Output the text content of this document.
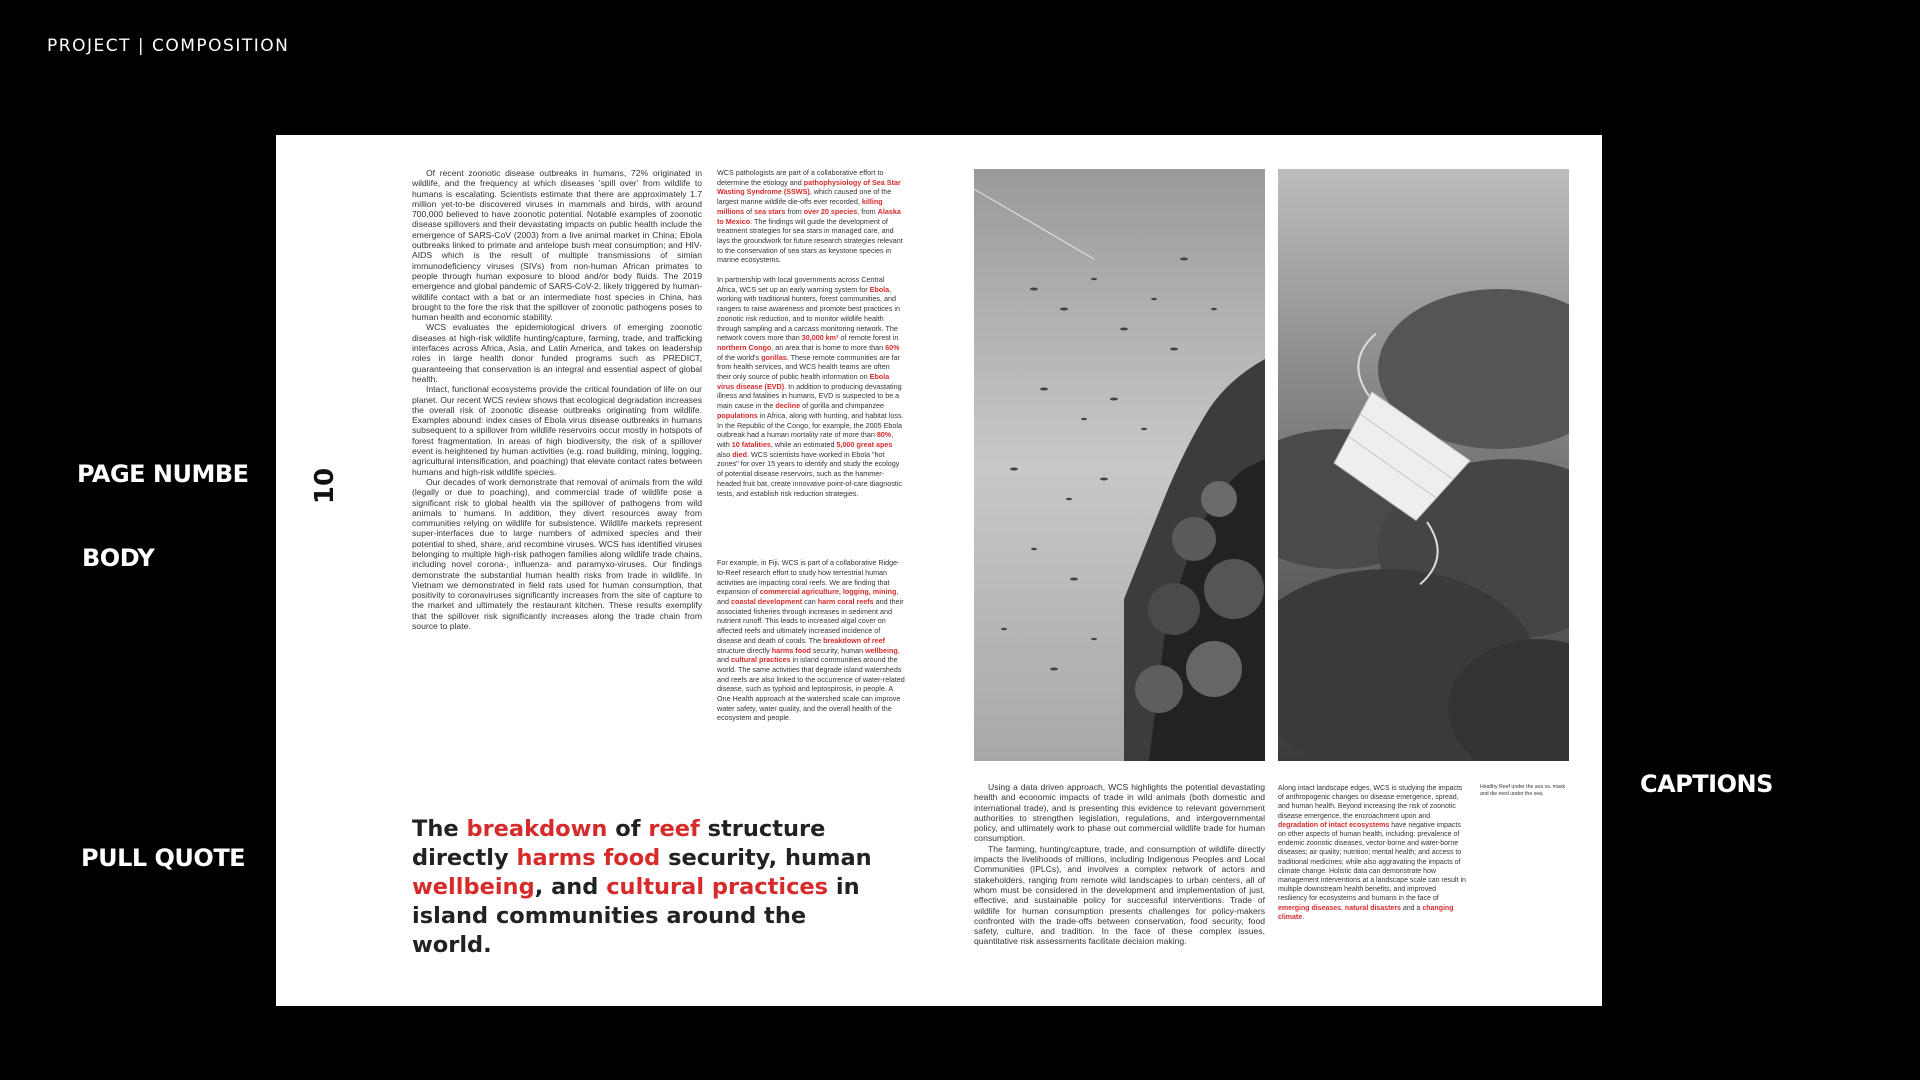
PROJECT | COMPOSITION
PAGE NUMBE
BODY
PULL QUOTE
CAPTIONS
10

Of recent zoonotic disease outbreaks in humans, 72% originated in wildlife, and the frequency at which diseases 'spill over' from wildlife to humans is escalating. Scientists estimate that there are approximately 1.7 million yet-to-be discovered viruses in mammals and birds, with around 700,000 believed to have zoonotic potential. Notable examples of zoonotic disease spillovers and their devastating impacts on public health include the emergence of SARS-CoV (2003) from a live animal market in China; Ebola outbreaks linked to primate and antelope bush meat consumption; and HIV-AIDS which is the result of multiple transmissions of simian immunodeficiency viruses (SIVs) from non-human African primates to people through human exposure to blood and/or body fluids. The 2019 emergence and global pandemic of SARS-CoV-2, likely triggered by human-wildlife contact with a bat or an intermediate host species in China, has brought to the fore the risk that the spillover of zoonotic pathogens poses to human health and economic stability.

WCS evaluates the epidemiological drivers of emerging zoonotic diseases at high-risk wildlife hunting/capture, farming, trade, and trafficking interfaces across Africa, Asia, and Latin America, and takes on leadership roles in large health donor funded programs such as PREDICT, guaranteeing that conservation is an integral and essential aspect of global health.

Intact, functional ecosystems provide the critical foundation of life on our planet. Our recent WCS review shows that ecological degradation increases the overall risk of zoonotic disease outbreaks originating from wildlife. Examples abound: index cases of Ebola virus disease outbreaks in humans subsequent to a spillover from wildlife reservoirs occur mostly in hotspots of forest fragmentation. In areas of high biodiversity, the risk of a spillover event is heightened by human activities (e.g. road building, mining, logging, agricultural intensification, and poaching) that elevate contact rates between humans and high-risk wildlife species.

Our decades of work demonstrate that removal of animals from the wild (legally or due to poaching), and commercial trade of wildlife pose a significant risk to global health via the spillover of pathogens from wild animals to humans. In addition, they divert resources away from communities relying on wildlife for subsistence. Wildlife markets represent super-interfaces due to large numbers of admixed species and their potential to shed, share, and recombine viruses. WCS has identified viruses belonging to multiple high-risk pathogen families along wildlife trade chains, including novel corona-, influenza- and paramyxo-viruses. Our findings demonstrate the substantial human health risks from trade in wildlife. In Vietnam we demonstrated in field rats used for human consumption, that positivity to coronaviruses significantly increases from the site of capture to the market and ultimately the restaurant kitchen. These results exemplify that the spillover risk significantly increases along the trade chain from source to plate.

WCS pathologists are part of a collaborative effort to determine the etiology and pathophysiology of Sea Star Wasting Syndrome (SSWS), which caused one of the largest marine wildlife die-offs ever recorded, killing millions of sea stars from over 20 species, from Alaska to Mexico. The findings will guide the development of treatment strategies for sea stars in managed care, and lays the groundwork for future research strategies relevant to the conservation of sea stars as keystone species in marine ecosystems.

In partnership with local governments across Central Africa, WCS set up an early warning system for Ebola, working with traditional hunters, forest communities, and rangers to raise awareness and promote best practices in zoonotic risk reduction, and to monitor wildlife health through sampling and a carcass monitoring network. The network covers more than 30,000 km² of remote forest in northern Congo, an area that is home to more than 60% of the world's gorillas. These remote communities are far from health services, and WCS health teams are often their only source of public health information on Ebola virus disease (EVD). In addition to producing devastating illness and fatalities in humans, EVD is suspected to be a main cause in the decline of gorilla and chimpanzee populations in Africa, along with hunting, and habitat loss. In the Republic of the Congo, for example, the 2005 Ebola outbreak had a human mortality rate of more than 80%, with 10 fatalities, while an estimated 5,000 great apes also died. WCS scientists have worked in Ebola "hot zones" for over 15 years to identify and study the ecology of potential disease reservoirs, such as the hammer-headed fruit bat, create innovative point-of-care diagnostic tests, and establish risk reduction strategies.

For example, in Fiji, WCS is part of a collaborative Ridge-to-Reef research effort to study how terrestrial human activities are impacting coral reefs. We are finding that expansion of commercial agriculture, logging, mining, and coastal development can harm coral reefs and their associated fisheries through increases in sediment and nutrient runoff. This leads to increased algal cover on affected reefs and ultimately increased incidence of disease and death of corals. The breakdown of reef structure directly harms food security, human wellbeing, and cultural practices in island communities around the world. The same activities that degrade island watersheds and reefs are also linked to the occurrence of water-related disease, such as typhoid and leptospirosis, in people. A One Health approach at the watershed scale can improve water safety, water quality, and the overall health of the ecosystem and people.

The breakdown of reef structure directly harms food security, human wellbeing, and cultural practices in island communities around the world.

Using a data driven approach, WCS highlights the potential devastating health and economic impacts of trade in wild animals (both domestic and international trade), and is presenting this evidence to relevant government authorities to strengthen legislation, regulations, and intergovernmental policy, and ultimately work to phase out commercial wildlife trade for human consumption.

The farming, hunting/capture, trade, and consumption of wildlife directly impacts the livelihoods of millions, including Indigenous Peoples and Local Communities (IPLCs), and involves a complex network of actors and stakeholders, ranging from remote wild landscapes to urban centers, all of whom must be considered in the development and implementation of just, effective, and sustainable policy for successful interventions. Trade of wildlife for human consumption presents challenges for policy-makers confronted with the trade-offs between conservation, food security, food safety, culture, and tradition. In the face of these complex issues, quantitative risk assessments facilitate decision making.

Along intact landscape edges, WCS is studying the impacts of anthropogenic changes on disease emergence, spread, and human health. Beyond increasing the risk of zoonotic disease emergence, the encroachment upon and degradation of intact ecosystems have negative impacts on other aspects of human health, including: prevalence of endemic zoonotic diseases, vector-borne and water-borne diseases; air quality; nutrition; mental health; and access to traditional medicines; while also aggravating the impacts of climate change. Holistic data can demonstrate how management interventions at a landscape scale can result in multiple downstream health benefits, and improved resiliency for ecosystems and humans in the face of emerging diseases, natural disasters and a changing climate.

Healthy Reef under the sea vs. mask and die reed under the sea.
